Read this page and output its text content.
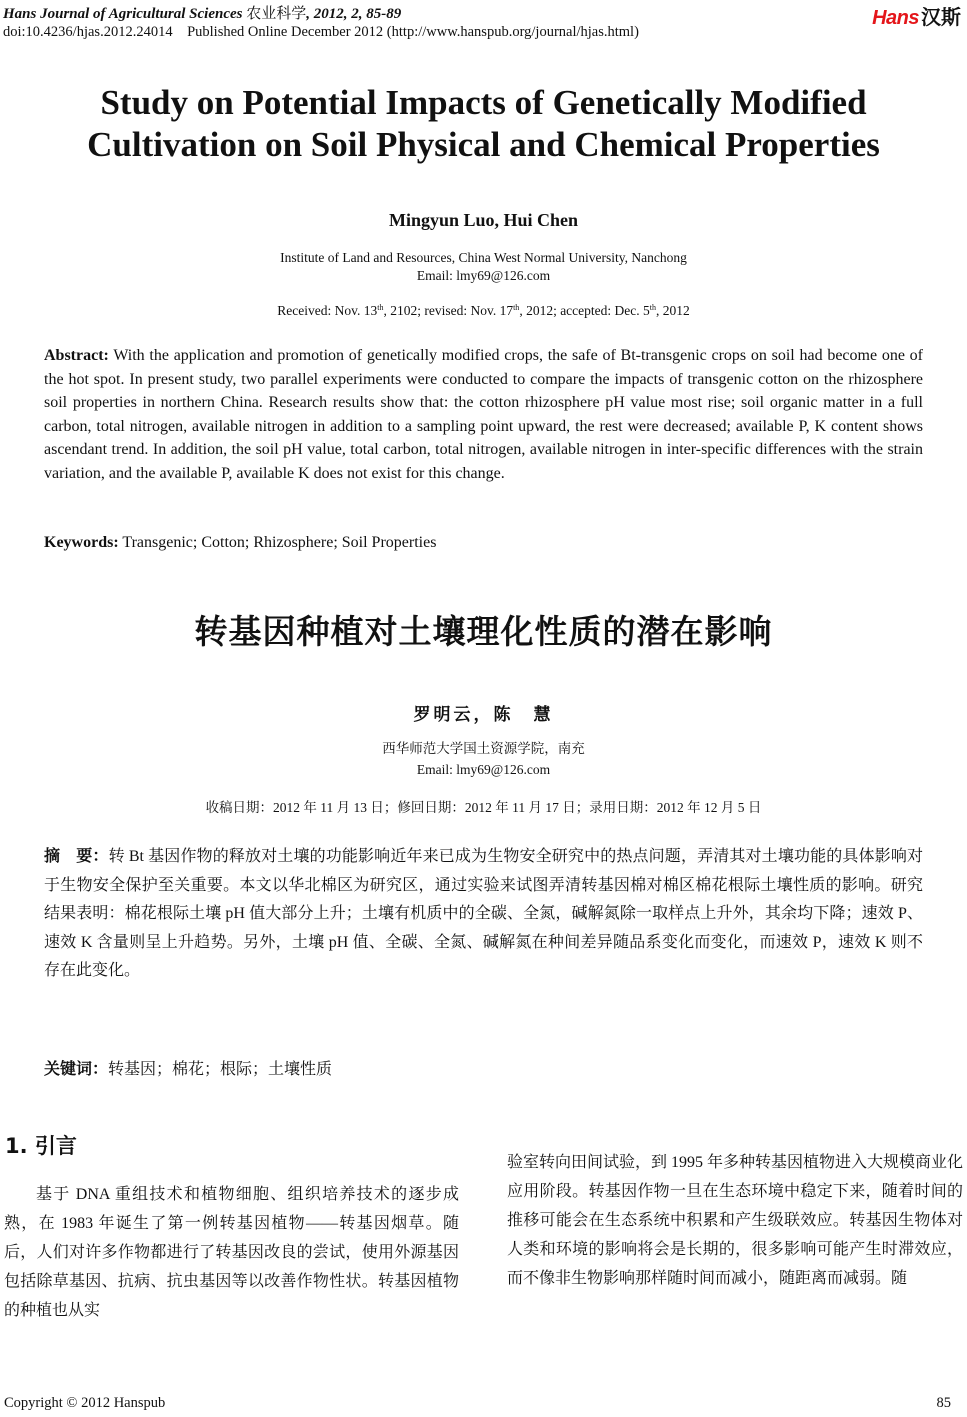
Hans Journal of Agricultural Sciences 农业科学, 2012, 2, 85-89
doi:10.4236/hjas.2012.24014    Published Online December 2012 (http://www.hanspub.org/journal/hjas.html)
Hans 汉斯
Study on Potential Impacts of Genetically Modified
Cultivation on Soil Physical and Chemical Properties
Mingyun Luo, Hui Chen
Institute of Land and Resources, China West Normal University, Nanchong
Email: lmy69@126.com
Received: Nov. 13th, 2102; revised: Nov. 17th, 2012; accepted: Dec. 5th, 2012
Abstract: With the application and promotion of genetically modified crops, the safe of Bt-transgenic crops on soil had become one of the hot spot. In present study, two parallel experiments were conducted to compare the impacts of transgenic cotton on the rhizosphere soil properties in northern China. Research results show that: the cotton rhizosphere pH value most rise; soil organic matter in a full carbon, total nitrogen, available nitrogen in addition to a sampling point upward, the rest were decreased; available P, K content shows ascendant trend. In addition, the soil pH value, total carbon, total nitrogen, available nitrogen in inter-specific differences with the strain variation, and the available P, available K does not exist for this change.
Keywords: Transgenic; Cotton; Rhizosphere; Soil Properties
转基因种植对土壤理化性质的潜在影响
罗明云，陈　慧
西华师范大学国土资源学院，南充
Email: lmy69@126.com
收稿日期：2012 年 11 月 13 日；修回日期：2012 年 11 月 17 日；录用日期：2012 年 12 月 5 日
摘　要：转 Bt 基因作物的释放对土壤的功能影响近年来已成为生物安全研究中的热点问题，弄清其对土壤功能的具体影响对于生物安全保护至关重要。本文以华北棉区为研究区，通过实验来试图弄清转基因棉对棉区棉花根际土壤性质的影响。研究结果表明：棉花根际土壤 pH 值大部分上升；土壤有机质中的全碳、全氮，碱解氮除一取样点上升外，其余均下降；速效 P、速效 K 含量则呈上升趋势。另外，土壤 pH 值、全碳、全氮、碱解氮在种间差异随品系变化而变化，而速效 P，速效 K 则不存在此变化。
关键词：转基因；棉花；根际；土壤性质
1. 引言
基于 DNA 重组技术和植物细胞、组织培养技术的逐步成熟，在 1983 年诞生了第一例转基因植物——转基因烟草。随后，人们对许多作物都进行了转基因改良的尝试，使用外源基因包括除草基因、抗病、抗虫基因等以改善作物性状。转基因植物的种植也从实
验室转向田间试验，到 1995 年多种转基因植物进入大规模商业化应用阶段。转基因作物一旦在生态环境中稳定下来，随着时间的推移可能会在生态系统中积累和产生级联效应。转基因生物体对人类和环境的影响将会是长期的，很多影响可能产生时滞效应，而不像非生物影响那样随时间而减小，随距离而减弱。随
Copyright © 2012 Hanspub	85
